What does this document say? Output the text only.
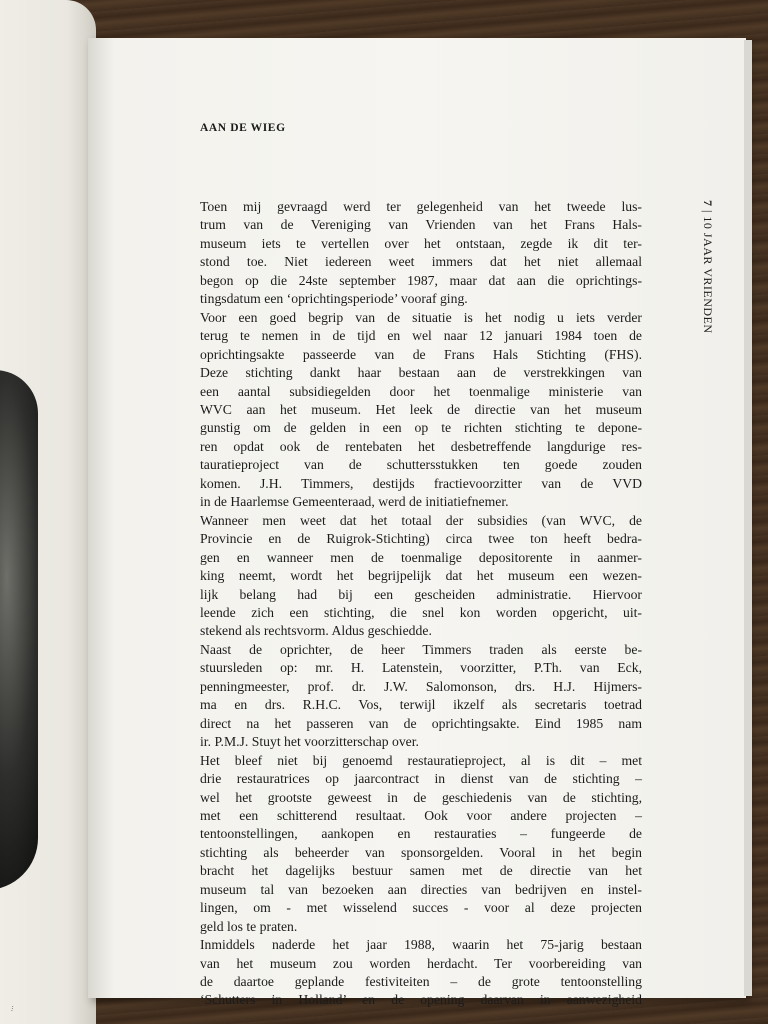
...
AAN DE WIEG
7 | 10 JAAR VRIENDEN
Toen mij gevraagd werd ter gelegenheid van het tweede lus-
trum van de Vereniging van Vrienden van het Frans Hals-
museum iets te vertellen over het ontstaan, zegde ik dit ter-
stond toe. Niet iedereen weet immers dat het niet allemaal
begon op die 24ste september 1987, maar dat aan die oprichtings-
tingsdatum een ‘oprichtingsperiode’ vooraf ging.
Voor een goed begrip van de situatie is het nodig u iets verder
terug te nemen in de tijd en wel naar 12 januari 1984 toen de
oprichtingsakte passeerde van de Frans Hals Stichting (FHS).
Deze stichting dankt haar bestaan aan de verstrekkingen van
een aantal subsidiegelden door het toenmalige ministerie van
WVC aan het museum. Het leek de directie van het museum
gunstig om de gelden in een op te richten stichting te depone-
ren opdat ook de rentebaten het desbetreffende langdurige res-
tauratieproject van de schuttersstukken ten goede zouden
komen. J.H. Timmers, destijds fractievoorzitter van de VVD
in de Haarlemse Gemeenteraad, werd de initiatiefnemer.
Wanneer men weet dat het totaal der subsidies (van WVC, de
Provincie en de Ruigrok-Stichting) circa twee ton heeft bedra-
gen en wanneer men de toenmalige depositorente in aanmer-
king neemt, wordt het begrijpelijk dat het museum een wezen-
lijk belang had bij een gescheiden administratie. Hiervoor
leende zich een stichting, die snel kon worden opgericht, uit-
stekend als rechtsvorm. Aldus geschiedde.
Naast de oprichter, de heer Timmers traden als eerste be-
stuursleden op: mr. H. Latenstein, voorzitter, P.Th. van Eck,
penningmeester, prof. dr. J.W. Salomonson, drs. H.J. Hijmers-
ma en drs. R.H.C. Vos, terwijl ikzelf als secretaris toetrad
direct na het passeren van de oprichtingsakte. Eind 1985 nam
ir. P.M.J. Stuyt het voorzitterschap over.
Het bleef niet bij genoemd restauratieproject, al is dit – met
drie restauratrices op jaarcontract in dienst van de stichting –
wel het grootste geweest in de geschiedenis van de stichting,
met een schitterend resultaat. Ook voor andere projecten –
tentoonstellingen, aankopen en restauraties – fungeerde de
stichting als beheerder van sponsorgelden. Vooral in het begin
bracht het dagelijks bestuur samen met de directie van het
museum tal van bezoeken aan directies van bedrijven en instel-
lingen, om - met wisselend succes - voor al deze projecten
geld los te praten.
Inmiddels naderde het jaar 1988, waarin het 75-jarig bestaan
van het museum zou worden herdacht. Ter voorbereiding van
de daartoe geplande festiviteiten – de grote tentoonstelling
‘Schutters in Holland’ en de opening daarvan in aanwezigheid
